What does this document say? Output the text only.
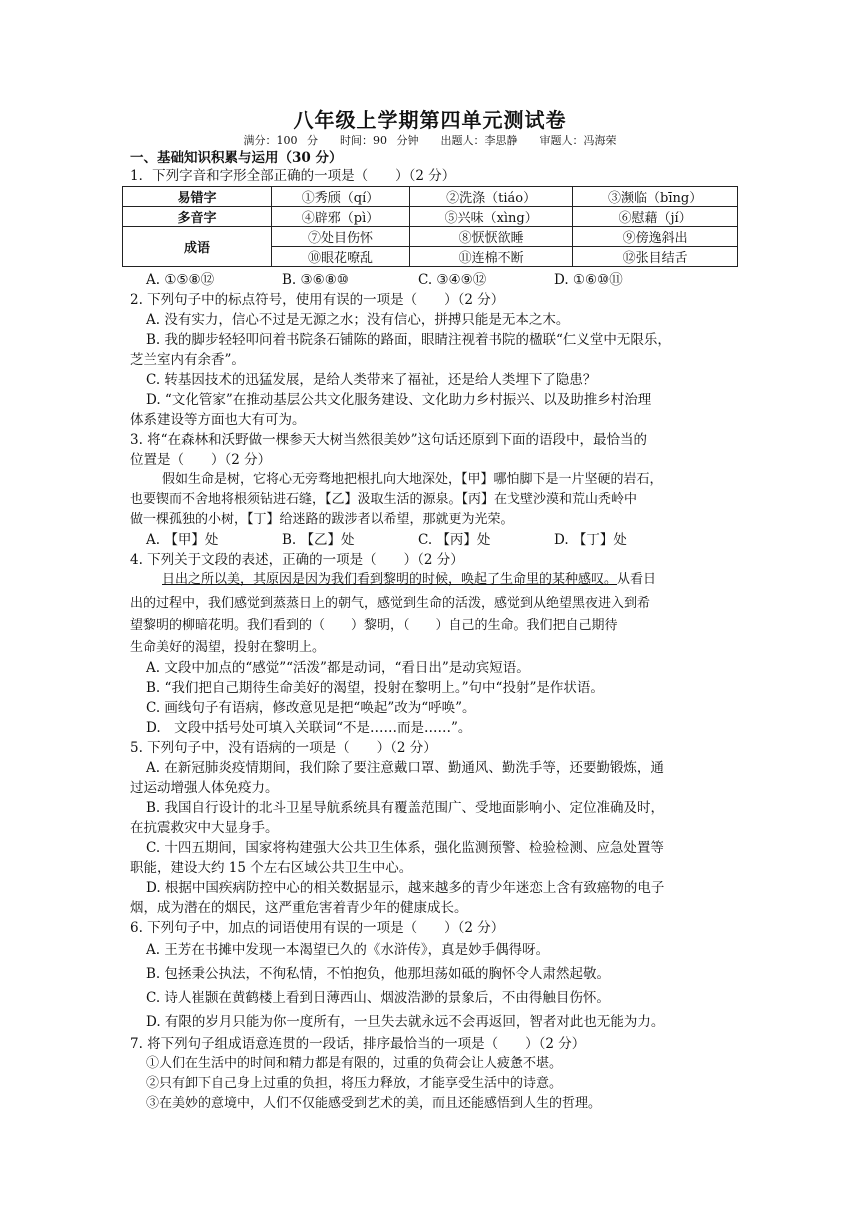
八年级上学期第四单元测试卷
满分：100 分　　时间：90 分钟　　出题人：李思静　　审题人：冯海荣
一、基础知识积累与运用（30 分）
1．下列字音和字形全部正确的一项是（　　）（2 分）
易错字	①秀颀（qí）	②洗涤（tiáo）	③濒临（bīng）
多音字	④辟邪（pì）	⑤兴味（xìng）	⑥慰藉（jí）
成语	⑦处目伤怀	⑧恹恹欲睡	⑨傍逸斜出
	⑩眼花嘹乱	⑪连棉不断	⑫张目结舌
A. ①⑤⑧⑫	B. ③⑥⑧⑩	C. ③④⑨⑫	D. ①⑥⑩⑪
2. 下列句子中的标点符号，使用有误的一项是（　　）（2 分）
A. 没有实力，信心不过是无源之水；没有信心，拼搏只能是无本之木。
B. 我的脚步轻轻叩问着书院条石铺陈的路面，眼睛注视着书院的楹联“仁义堂中无限乐，
芝兰室内有余香”。
C. 转基因技术的迅猛发展，是给人类带来了福祉，还是给人类埋下了隐患？
D. “文化管家”在推动基层公共文化服务建设、文化助力乡村振兴、以及助推乡村治理
体系建设等方面也大有可为。
3. 将“在森林和沃野做一棵参天大树当然很美妙”这句话还原到下面的语段中，最恰当的
位置是（　　）（2 分）
假如生命是树，它将心无旁骛地把根扎向大地深处，【甲】哪怕脚下是一片坚硬的岩石，
也要锲而不舍地将根须钻进石缝，【乙】汲取生活的源泉。【丙】在戈壁沙漠和荒山秃岭中
做一棵孤独的小树，【丁】给迷路的跋涉者以希望，那就更为光荣。
A. 【甲】处	B. 【乙】处	C. 【丙】处	D. 【丁】处
4. 下列关于文段的表述，正确的一项是（　　）（2 分）
日出之所以美，其原因是因为我们看到黎明的时候，唤起了生命里的某种感叹。从看日
出的过程中，我们感觉到蒸蒸日上的朝气，感觉到生命的活泼，感觉到从绝望黑夜进入到希
望黎明的柳暗花明。我们看到的（　　）黎明，（　　）自己的生命。我们把自己期待
生命美好的渴望，投射在黎明上。
A. 文段中加点的“感觉”“活泼”都是动词，“看日出”是动宾短语。
B. “我们把自己期待生命美好的渴望，投射在黎明上。”句中“投射”是作状语。
C. 画线句子有语病，修改意见是把“唤起”改为“呼唤”。
D.　文段中括号处可填入关联词“不是……而是……”。
5. 下列句子中，没有语病的一项是（　　）（2 分）
A. 在新冠肺炎疫情期间，我们除了要注意戴口罩、勤通风、勤洗手等，还要勤锻炼，通
过运动增强人体免疫力。
B. 我国自行设计的北斗卫星导航系统具有覆盖范围广、受地面影响小、定位准确及时，
在抗震救灾中大显身手。
C. 十四五期间，国家将构建强大公共卫生体系，强化监测预警、检验检测、应急处置等
职能，建设大约 15 个左右区域公共卫生中心。
D. 根据中国疾病防控中心的相关数据显示，越来越多的青少年迷恋上含有致癌物的电子
烟，成为潜在的烟民，这严重危害着青少年的健康成长。
6. 下列句子中，加点的词语使用有误的一项是（　　）（2 分）
A. 王芳在书摊中发现一本渴望已久的《水浒传》，真是妙手偶得呀。
B. 包拯秉公执法，不徇私情，不怕抱负，他那坦荡如砥的胸怀令人肃然起敬。
C. 诗人崔颢在黄鹤楼上看到日薄西山、烟波浩渺的景象后，不由得触目伤怀。
D. 有限的岁月只能为你一度所有，一旦失去就永远不会再返回，智者对此也无能为力。
7. 将下列句子组成语意连贯的一段话，排序最恰当的一项是（　　）（2 分）
①人们在生活中的时间和精力都是有限的，过重的负荷会让人疲惫不堪。
②只有卸下自己身上过重的负担，将压力释放，才能享受生活中的诗意。
③在美妙的意境中，人们不仅能感受到艺术的美，而且还能感悟到人生的哲理。
